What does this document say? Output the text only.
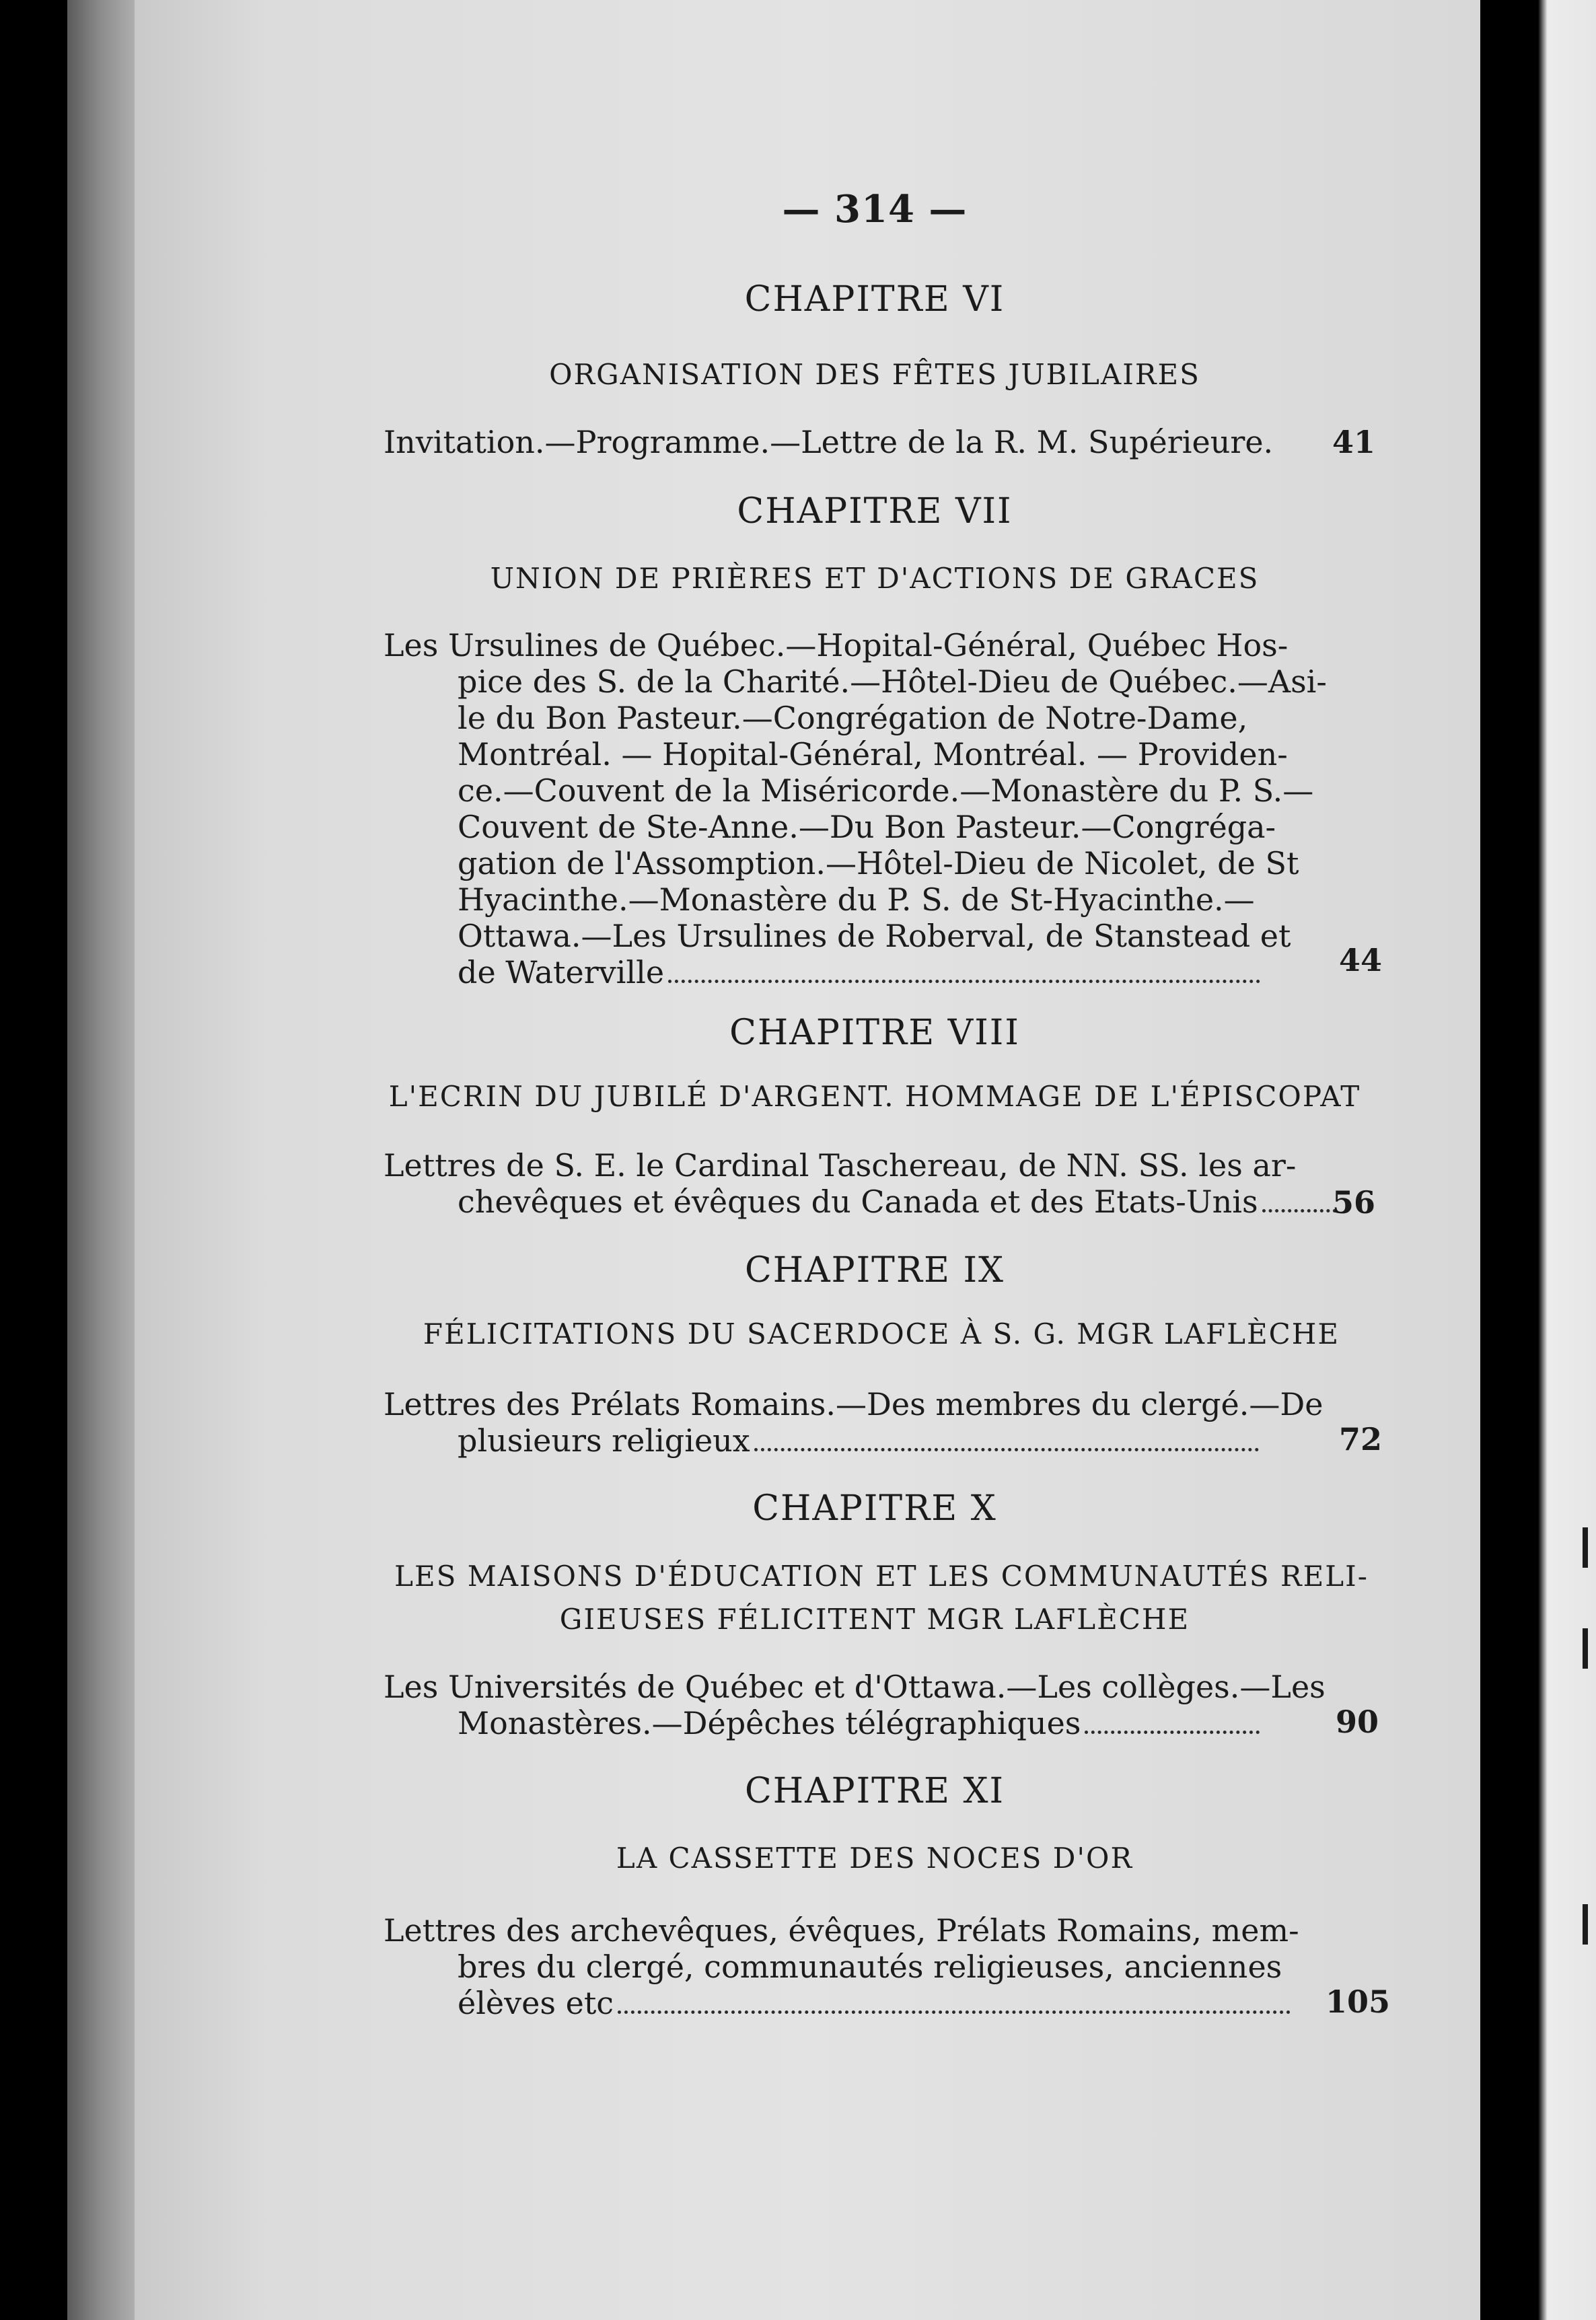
— 314 —
CHAPITRE VI
ORGANISATION DES FÊTES JUBILAIRES
Invitation.—Programme.—Lettre de la R. M. Supérieure.	41
CHAPITRE VII
UNION DE PRIÈRES ET D'ACTIONS DE GRACES
Les Ursulines de Québec.—Hopital-Général, Québec Hos-
pice des S. de la Charité.—Hôtel-Dieu de Québec.—Asi-
le du Bon Pasteur.—Congrégation de Notre-Dame,
Montréal. — Hopital-Général, Montréal. — Providen-
ce.—Couvent de la Miséricorde.—Monastère du P. S.—
Couvent de Ste-Anne.—Du Bon Pasteur.—Congréga-
gation de l'Assomption.—Hôtel-Dieu de Nicolet, de St
Hyacinthe.—Monastère du P. S. de St-Hyacinthe.—
Ottawa.—Les Ursulines de Roberval, de Stanstead et
de Waterville	44
CHAPITRE VIII
L'ECRIN DU JUBILÉ D'ARGENT. HOMMAGE DE L'ÉPISCOPAT
Lettres de S. E. le Cardinal Taschereau, de NN. SS. les ar-
chevêques et évêques du Canada et des Etats-Unis	56
CHAPITRE IX
FÉLICITATIONS DU SACERDOCE À S. G. MGR LAFLÈCHE
Lettres des Prélats Romains.—Des membres du clergé.—De
plusieurs religieux	72
CHAPITRE X
LES MAISONS D'ÉDUCATION ET LES COMMUNAUTÉS RELI-
GIEUSES FÉLICITENT MGR LAFLÈCHE
Les Universités de Québec et d'Ottawa.—Les collèges.—Les
Monastères.—Dépêches télégraphiques	90
CHAPITRE XI
LA CASSETTE DES NOCES D'OR
Lettres des archevêques, évêques, Prélats Romains, mem-
bres du clergé, communautés religieuses, anciennes
élèves etc	105
